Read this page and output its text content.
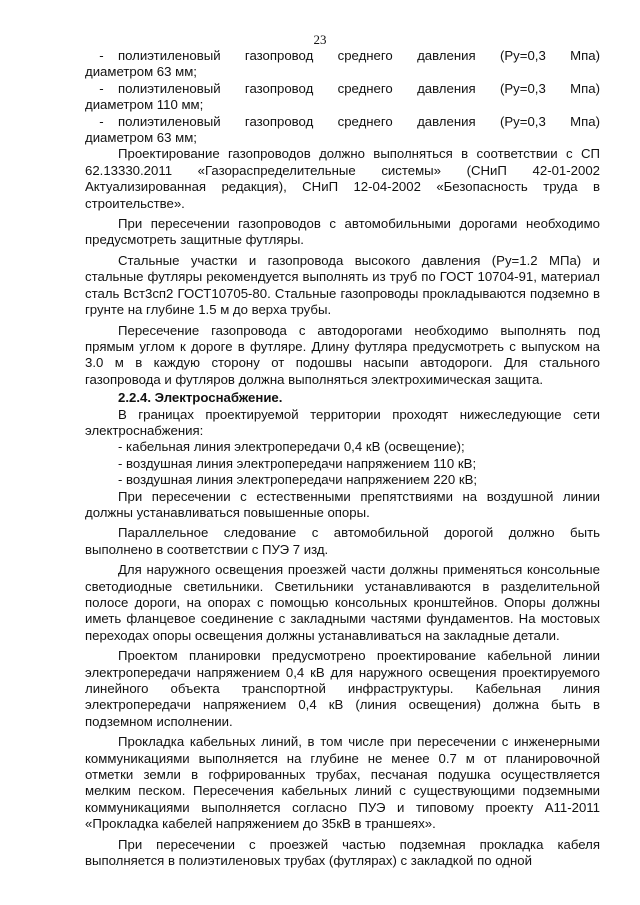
23
-	полиэтиленовый газопровод среднего давления (Ру=0,3 Мпа)

диаметром 63 мм;

-	полиэтиленовый газопровод среднего давления (Ру=0,3 Мпа)

диаметром 110 мм;

-	полиэтиленовый газопровод среднего давления (Ру=0,3 Мпа)

диаметром 63 мм;

Проектирование газопроводов должно выполняться в соответствии с СП 62.13330.2011 «Газораспределительные системы» (СНиП 42-01-2002 Актуализированная редакция), СНиП 12-04-2002 «Безопасность труда в строительстве».

При пересечении газопроводов с автомобильными дорогами необходимо предусмотреть защитные футляры.

Стальные участки и газопровода высокого давления (Ру=1.2 МПа) и стальные футляры рекомендуется выполнять из труб по ГОСТ 10704-91, материал сталь Вст3сп2 ГОСТ10705-80. Стальные газопроводы прокладываются подземно в грунте на глубине 1.5 м до верха трубы.

Пересечение газопровода с автодорогами необходимо выполнять под прямым углом к дороге в футляре. Длину футляра предусмотреть с выпуском на 3.0 м в каждую сторону от подошвы насыпи автодороги. Для стального газопровода и футляров должна выполняться электрохимическая защита.

2.2.4. Электроснабжение.

В границах проектируемой территории проходят нижеследующие сети электроснабжения:

- кабельная линия электропередачи 0,4 кВ (освещение);

- воздушная линия электропередачи напряжением 110 кВ;

- воздушная линия электропередачи напряжением 220 кВ;

При пересечении с естественными препятствиями на воздушной линии должны устанавливаться повышенные опоры.

Параллельное следование с автомобильной дорогой должно быть выполнено в соответствии с ПУЭ 7 изд.

Для наружного освещения проезжей части должны применяться консольные светодиодные светильники. Светильники устанавливаются в разделительной полосе дороги, на опорах с помощью консольных кронштейнов. Опоры должны иметь фланцевое соединение с закладными частями фундаментов. На мостовых переходах опоры освещения должны устанавливаться на закладные детали.

Проектом планировки предусмотрено проектирование кабельной линии электропередачи напряжением 0,4 кВ для наружного освещения проектируемого линейного объекта транспортной инфраструктуры. Кабельная линия электропередачи напряжением 0,4 кВ (линия освещения) должна быть в подземном исполнении.

Прокладка кабельных линий, в том числе при пересечении с инженерными коммуникациями выполняется на глубине не менее 0.7 м от планировочной отметки земли в гофрированных трубах, песчаная подушка осуществляется мелким песком. Пересечения кабельных линий с существующими подземными коммуникациями выполняется согласно ПУЭ и типовому проекту А11-2011 «Прокладка кабелей напряжением до 35кВ в траншеях».

При пересечении с проезжей частью подземная прокладка кабеля выполняется в полиэтиленовых трубах (футлярах) с закладкой по одной
